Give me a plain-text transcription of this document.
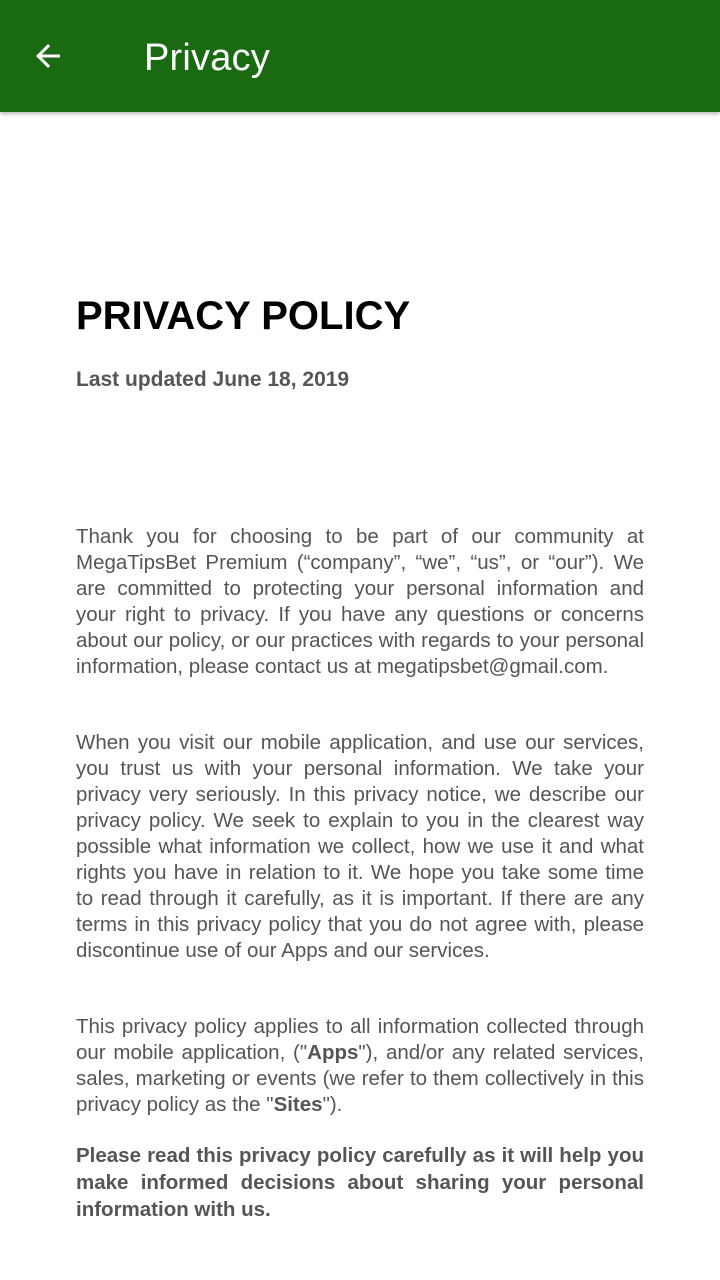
Privacy
PRIVACY POLICY
Last updated June 18, 2019

Thank you for choosing to be part of our community at MegaTipsBet Premium (“company”, “we”, “us”, or “our”). We are committed to protecting your personal information and your right to privacy. If you have any questions or concerns about our policy, or our practices with regards to your personal information, please contact us at megatipsbet@gmail.com.

When you visit our mobile application, and use our services, you trust us with your personal information. We take your privacy very seriously. In this privacy notice, we describe our privacy policy. We seek to explain to you in the clearest way possible what information we collect, how we use it and what rights you have in relation to it. We hope you take some time to read through it carefully, as it is important. If there are any terms in this privacy policy that you do not agree with, please discontinue use of our Apps and our services.

This privacy policy applies to all information collected through our mobile application, ("Apps"), and/or any related services, sales, marketing or events (we refer to them collectively in this privacy policy as the "Sites").

Please read this privacy policy carefully as it will help you make informed decisions about sharing your personal information with us.
